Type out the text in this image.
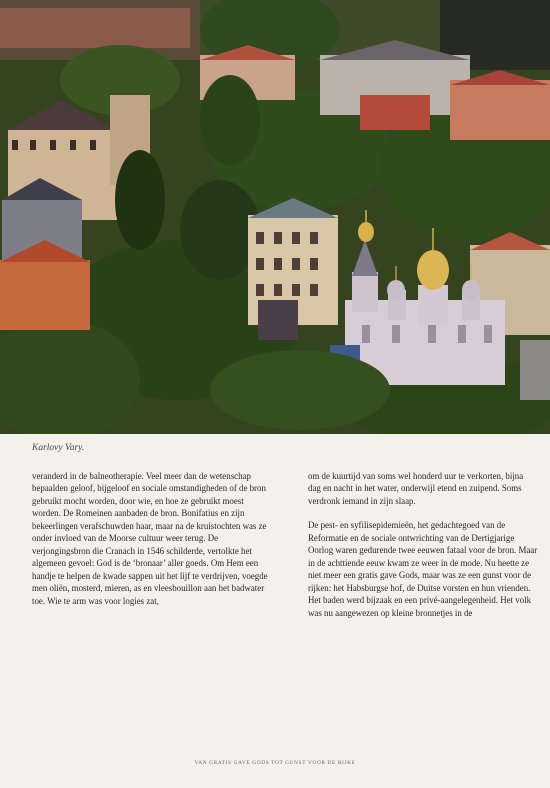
Karlovy Vary.

veranderd in de balneotherapie. Veel meer dan de wetenschap bepaalden geloof, bijgeloof en sociale omstandigheden of de bron gebruikt mocht worden, door wie, en hoe ze gebruikt moest worden. De Romeinen aanbaden de bron. Bonifatius en zijn bekeerlingen verafschuwden haar, maar na de kruistochten was ze onder invloed van de Moorse cultuur weer terug. De verjongingsbron die Cranach in 1546 schilderde, vertolkte het algemeen gevoel: God is de ‘bronaar’ aller goeds. Om Hem een handje te helpen de kwade sappen uit het lijf te verdrijven, voegde men oliën, mosterd, mieren, as en vleesbouillon aan het badwater toe. Wie te arm was voor logies zat,

om de kuurtijd van soms wel honderd uur te verkorten, bijna dag en nacht in het water, onderwijl etend en zuipend. Soms verdronk iemand in zijn slaap.

De pest- en syfilisepidemieën, het gedachtegoed van de Reformatie en de sociale ontwrichting van de Dertigjarige Oorlog waren gedurende twee eeuwen fataal voor de bron. Maar in de achttiende eeuw kwam ze weer in de mode. Nu heette ze niet meer een gratis gave Gods, maar was ze een gunst voor de rijken: het Habsburgse hof, de Duitse vorsten en hun vrienden. Het baden werd bijzaak en een privé-aangelegenheid. Het volk was nu aangewezen op kleine bronnetjes in de

VAN GRATIS GAVE GODS TOT GUNST VOOR DE RIJKE
